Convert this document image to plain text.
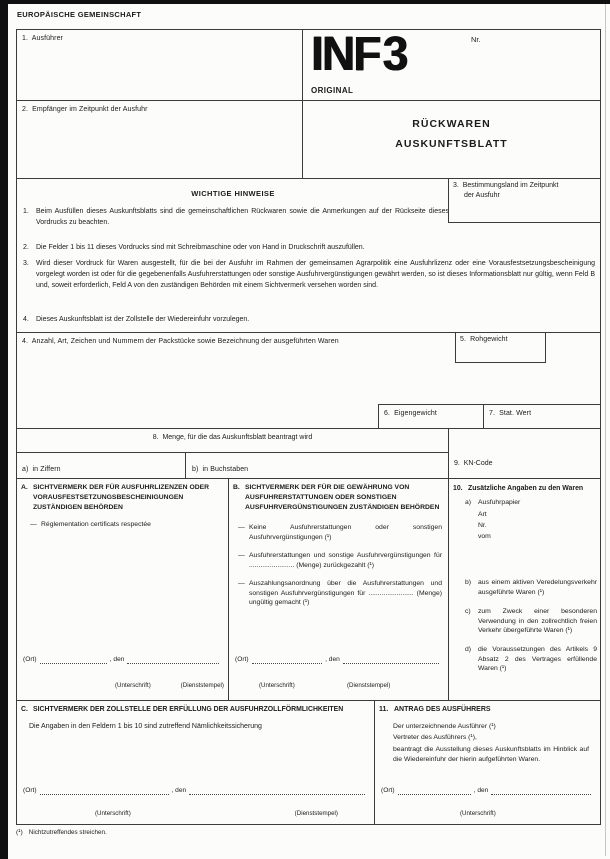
EUROPÄISCHE GEMEINSCHAFT
1.  Ausführer	INF 3	Nr.
ORIGINAL
2.  Empfänger im Zeitpunkt der Ausfuhr
RÜCKWAREN
AUSKUNFTSBLATT
WICHTIGE HINWEISE
1.	Beim Ausfüllen dieses Auskunftsblatts sind die gemeinschaftlichen Rückwaren sowie die Anmerkungen auf der Rückseite dieses Vordrucks zu beachten.
2.	Die Felder 1 bis 11 dieses Vordrucks sind mit Schreibmaschine oder von Hand in Druckschrift auszufüllen.
3.	Wird dieser Vordruck für Waren ausgestellt, für die bei der Ausfuhr im Rahmen der gemeinsamen Agrarpolitik eine Ausfuhrlizenz oder eine Vorausfestsetzungsbescheinigung vorgelegt worden ist oder für die gegebenenfalls Ausfuhrerstattungen oder sonstige Ausfuhrvergünstigungen gewährt werden, so ist dieses Informationsblatt nur gültig, wenn Feld B und, soweit erforderlich, Feld A von den zuständigen Behörden mit einem Sichtvermerk versehen worden sind.
4.	Dieses Auskunftsblatt ist der Zollstelle der Wiedereinfuhr vorzulegen.
3.  Bestimmungsland im Zeitpunkt
der Ausfuhr
4.  Anzahl, Art, Zeichen und Nummern der Packstücke sowie Bezeichnung der ausgeführten Waren	5.  Rohgewicht
6.  Eigengewicht	7.  Stat. Wert
8.  Menge, für die das Auskunftsblatt beantragt wird
a)  in Ziffern	b)  in Buchstaben
9.  KN-Code
A. SICHTVERMERK DER FÜR AUSFUHRLIZENZEN ODER VORAUSFESTSETZUNGSBESCHEINIGUNGEN ZUSTÄNDIGEN BEHÖRDEN
— Réglementation certificats respectée
(Ort)	, den
(Unterschrift)	(Dienststempel)
B. SICHTVERMERK DER FÜR DIE GEWÄHRUNG VON AUSFUHRERSTATTUNGEN ODER SONSTIGEN AUSFUHRVERGÜNSTIGUNGEN ZUSTÄNDIGEN BEHÖRDEN
— Keine Ausfuhrerstattungen oder sonstigen Ausfuhrvergünstigungen (¹)
— Ausfuhrerstattungen und sonstige Ausfuhrvergünstigungen für ........................ (Menge) zurückgezahlt (¹)
— Auszahlungsanordnung über die Ausfuhrerstattungen und sonstigen Ausfuhrvergünstigungen für ........................ (Menge) ungültig gemacht (¹)
(Ort)	, den
(Unterschrift)	(Dienststempel)
10. Zusätzliche Angaben zu den Waren
a)	Ausfuhrpapier
Art
Nr.
vom
b)	aus einem aktiven Veredelungsverkehr ausgeführte Waren (¹)
c)	zum Zweck einer besonderen Verwendung in den zollrechtlich freien Verkehr übergeführte Waren (¹)
d)	die Voraussetzungen des Artikels 9 Absatz 2 des Vertrages erfüllende Waren (¹)
C. SICHTVERMERK DER ZOLLSTELLE DER ERFÜLLUNG DER AUSFUHRZOLLFÖRMLICHKEITEN
Die Angaben in den Feldern 1 bis 10 sind zutreffend Nämlichkeitssicherung
(Ort)	, den
(Unterschrift)	(Dienststempel)
11. ANTRAG DES AUSFÜHRERS
Der unterzeichnende Ausführer (¹)
Vertreter des Ausführers (¹),
beantragt die Ausstellung dieses Auskunftsblatts im Hinblick auf die Wiedereinfuhr der hierin aufgeführten Waren.
(Ort)	, den
(Unterschrift)
(¹) Nichtzutreffendes streichen.
